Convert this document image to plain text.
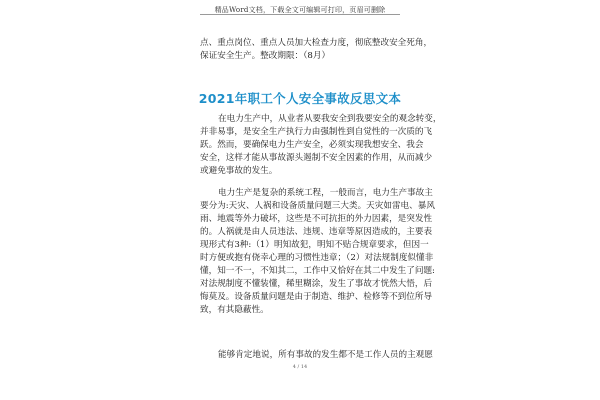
精品Word文档，下载全文可编辑可打印，页眉可删除
点、重点岗位、重点人员加大检查力度，彻底整改安全死角，
保证安全生产。整改期限：（8月）
2021年职工个人安全事故反思文本
在电力生产中，从业者从要我安全到我要安全的观念转变，
并非易事，是安全生产执行力由强制性到自觉性的一次质的飞
跃。然而，要确保电力生产安全，必须实现我想安全、我会
安全，这样才能从事故源头遏制不安全因素的作用，从而减少
或避免事故的发生。
电力生产是复杂的系统工程，一般而言，电力生产事故主
要分为:天灾、人祸和设备质量问题三大类。天灾如雷电、暴风
雨、地震等外力破坏，这些是不可抗拒的外力因素，是突发性
的。人祸就是由人员违法、违规、违章等原因造成的，主要表
现形式有3种:（1）明知故犯，明知不贴合规章要求，但因一
时方便或抱有侥幸心理的习惯性违章；（2）对法规制度似懂非
懂，知一不一，不知其二，工作中又恰好在其二中发生了问题:
对法规制度不懂装懂，稀里糊涂，发生了事故才恍然大悟，后
悔莫及。设备质量问题是由于制造、维护、检修等不到位所导
致，有其隐蔽性。
能够肯定地说，所有事故的发生都不是工作人员的主观愿
4 / 14
